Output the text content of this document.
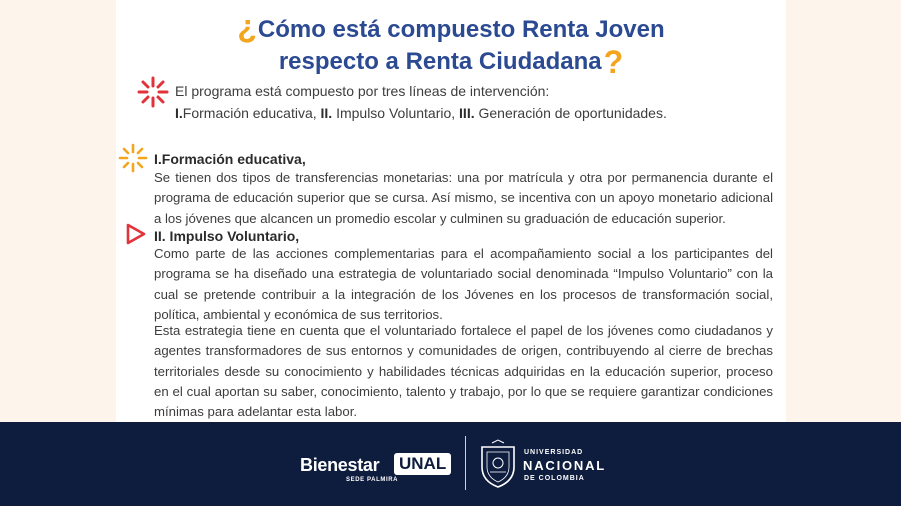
¿Cómo está compuesto Renta Joven
respecto a Renta Ciudadana?
El programa está compuesto por tres líneas de intervención:
I.Formación educativa, II. Impulso Voluntario, III. Generación de oportunidades.
I.Formación educativa,

Se tienen dos tipos de transferencias monetarias: una por matrícula y otra por permanencia durante el programa de educación superior que se cursa. Así mismo, se incentiva con un apoyo monetario adicional a los jóvenes que alcancen un promedio escolar y culminen su graduación de educación superior.

II. Impulso Voluntario,

Como parte de las acciones complementarias para el acompañamiento social a los participantes del programa se ha diseñado una estrategia de voluntariado social denominada “Impulso Voluntario” con la cual se pretende contribuir a la integración de los Jóvenes en los procesos de transformación social, política, ambiental y económica de sus territorios.

Esta estrategia tiene en cuenta que el voluntariado fortalece el papel de los jóvenes como ciudadanos y agentes transformadores de sus entornos y comunidades de origen, contribuyendo al cierre de brechas territoriales desde su conocimiento y habilidades técnicas adquiridas en la educación superior, proceso en el cual aportan su saber, conocimiento, talento y trabajo, por lo que se requiere garantizar condiciones mínimas para adelantar esta labor.

Bienestar UNAL
SEDE PALMIRA
UNIVERSIDAD
NACIONAL
DE COLOMBIA
